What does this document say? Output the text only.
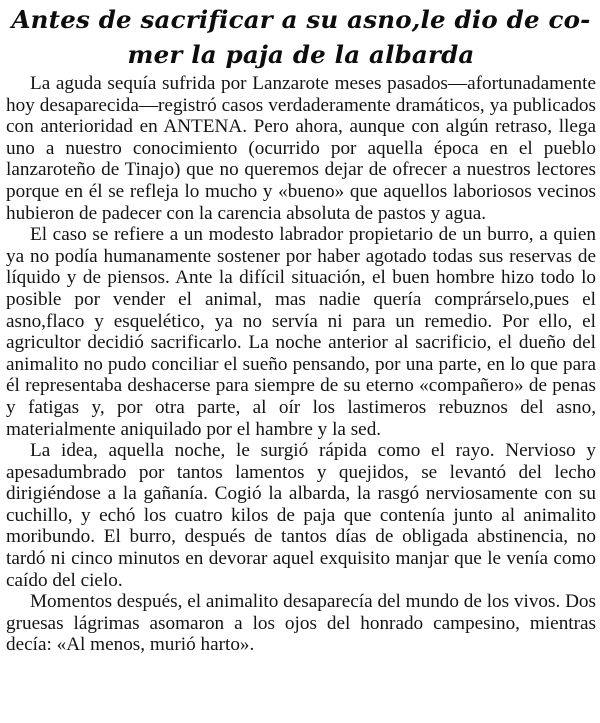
Antes de sacrificar a su asno,le dio de co-
mer la paja de la albarda

La aguda sequía sufrida por Lanzarote meses pasados—afortunadamente hoy desaparecida—registró casos verdaderamente dramáticos, ya publicados con anterioridad en ANTENA. Pero ahora, aunque con algún retraso, llega uno a nuestro conocimiento (ocurrido por aquella época en el pueblo lanzaroteño de Tinajo) que no queremos dejar de ofrecer a nuestros lectores porque en él se refleja lo mucho y «bueno» que aquellos laboriosos vecinos hubieron de padecer con la carencia absoluta de pastos y agua.

El caso se refiere a un modesto labrador propietario de un burro, a quien ya no podía humanamente sostener por haber agotado todas sus reservas de líquido y de piensos. Ante la difícil situación, el buen hombre hizo todo lo posible por vender el animal, mas nadie quería comprárselo,pues el asno,flaco y esquelético, ya no servía ni para un remedio. Por ello, el agricultor decidió sacrificarlo. La noche anterior al sacrificio, el dueño del animalito no pudo conciliar el sueño pensando, por una parte, en lo que para él representaba deshacerse para siempre de su eterno «compañero» de penas y fatigas y, por otra parte, al oír los lastimeros rebuznos del asno, materialmente aniquilado por el hambre y la sed.

La idea, aquella noche, le surgió rápida como el rayo. Nervioso y apesadumbrado por tantos lamentos y quejidos, se levantó del lecho dirigiéndose a la gañanía. Cogió la albarda, la rasgó nerviosamente con su cuchillo, y echó los cuatro kilos de paja que contenía junto al animalito moribundo. El burro, después de tantos días de obligada abstinencia, no tardó ni cinco minutos en devorar aquel exquisito manjar que le venía como caído del cielo.

Momentos después, el animalito desaparecía del mundo de los vivos. Dos gruesas lágrimas asomaron a los ojos del honrado campesino, mientras decía: «Al menos, murió harto».
